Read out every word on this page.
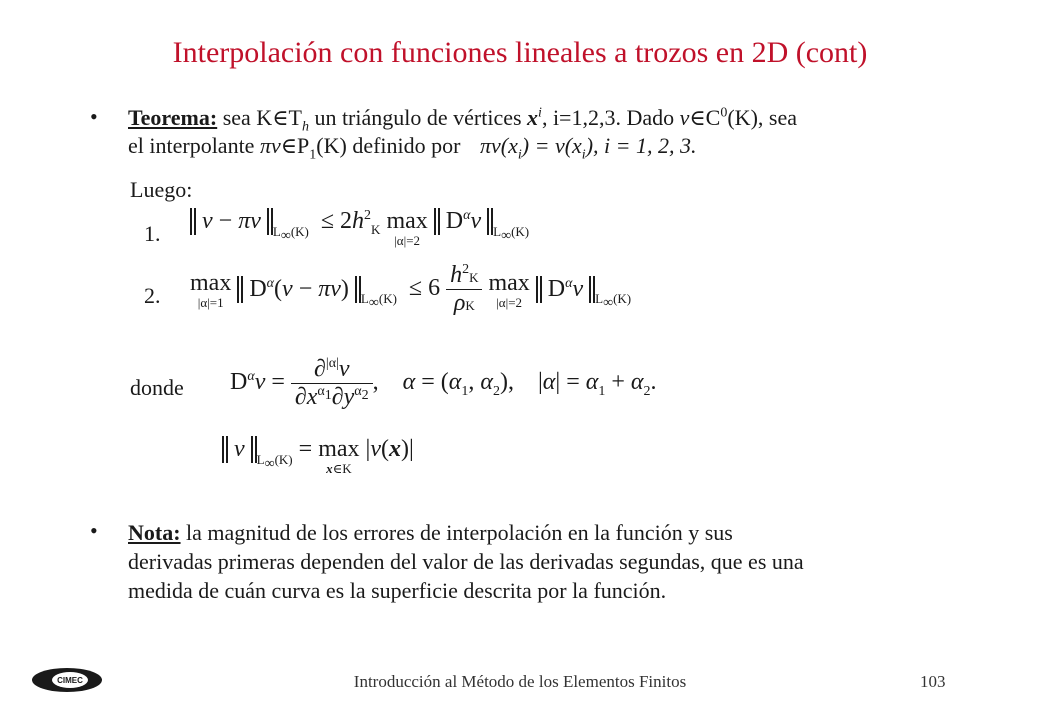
Interpolación con funciones lineales a trozos en 2D (cont)
• Teorema: sea $K\in T_h$ un triángulo de vértices $x^i$, i=1,2,3. Dado $v\in C^0(K)$, sea
el interpolante $\pi v\in P_1(K)$ definido por $\pi v(x_i) = v(x_i)$, i = 1, 2, 3.
Luego:
1.	v − πv $_{L_\infty(K)} \le 2h^2_K$ max
|α|=2
$D^\alpha v$ $_{L_\infty(K)}$
2. max
|α|=1	$D^\alpha(v - \pi v) _{L_\infty(K)} \le 6 \frac{h^2K}{\rho K}$ max
|α|=2	$D^\alpha v$ $_{L_\infty(K)}$
donde $D^\alpha v = \frac{\partial^{|\alpha|}v}{\partial x^{\alpha_1}\partial y^{\alpha_2}}$ ,    $\alpha = (\alpha_1$, $\alpha_2$),    $|\alpha| = \alpha_1 + \alpha_2$.
v $_{L_\infty(K)}$ = max
x∈K
|v(x)|
• Nota: la magnitud de los errores de interpolación en la función y sus
derivadas primeras dependen del valor de las derivadas segundas, que es una
medida de cuán curva es la superficie descrita por la función.
CIMEC	Introducción al Método de los Elementos Finitos	103
